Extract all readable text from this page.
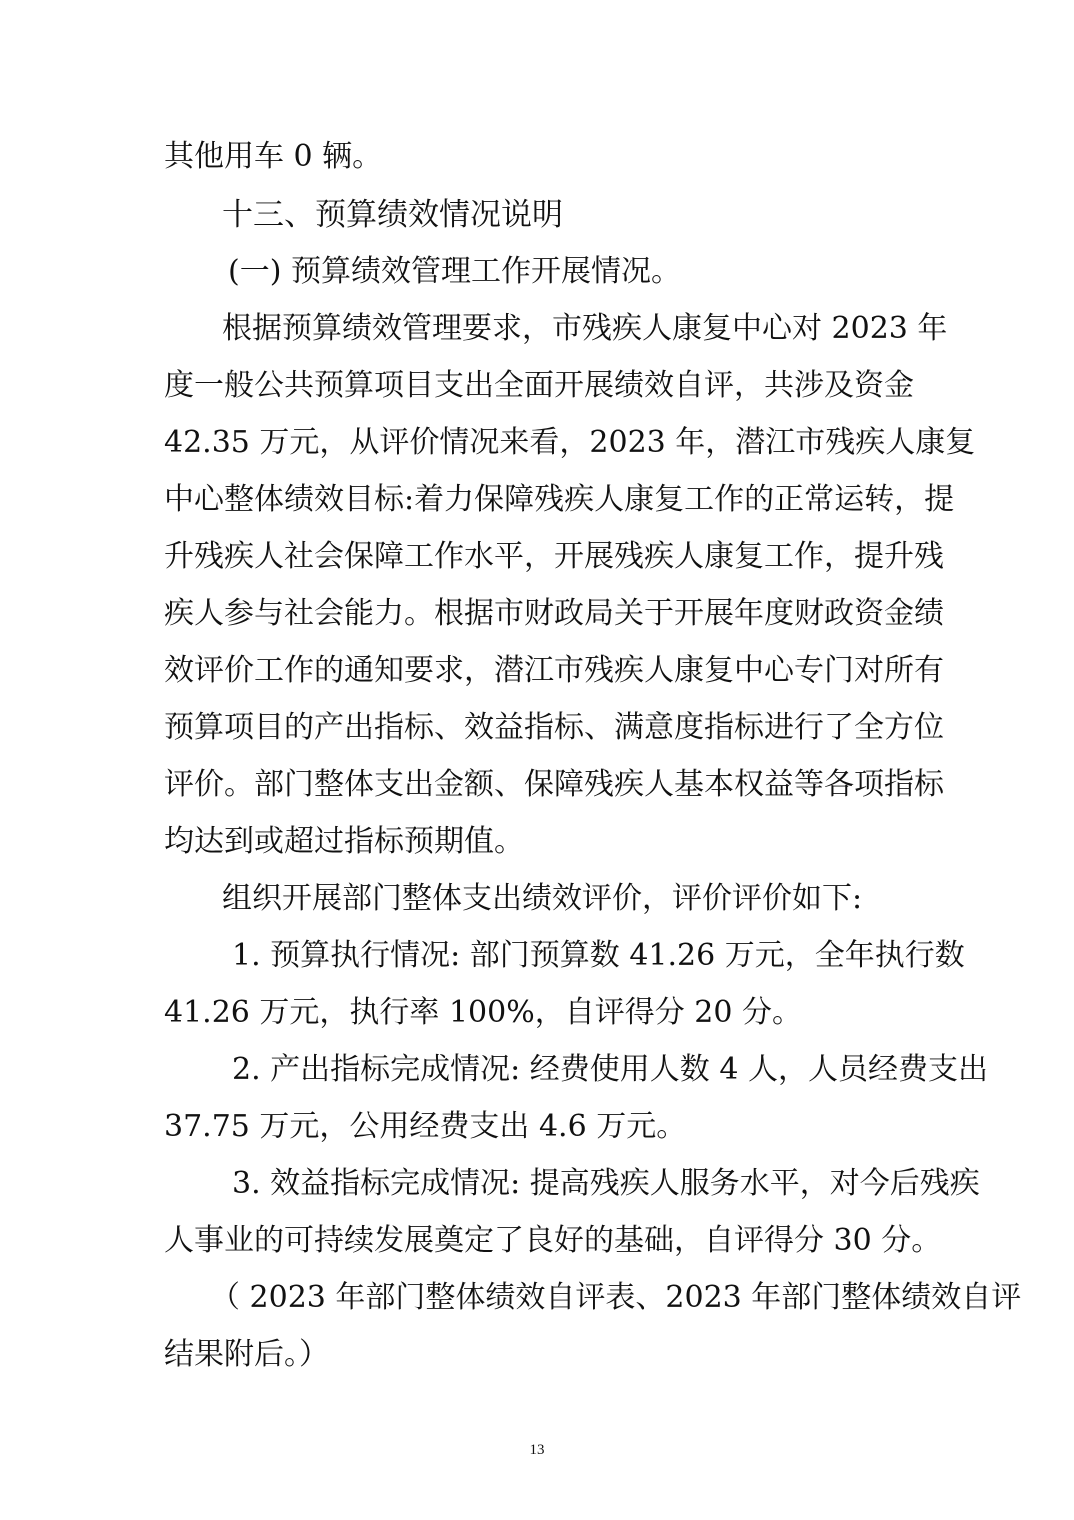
其他用车 0 辆。
十三、预算绩效情况说明
(一) 预算绩效管理工作开展情况。
根据预算绩效管理要求，市残疾人康复中心对 2023 年
度一般公共预算项目支出全面开展绩效自评，共涉及资金
42.35 万元，从评价情况来看，2023 年，潜江市残疾人康复
中心整体绩效目标:着力保障残疾人康复工作的正常运转，提
升残疾人社会保障工作水平，开展残疾人康复工作，提升残
疾人参与社会能力。根据市财政局关于开展年度财政资金绩
效评价工作的通知要求，潜江市残疾人康复中心专门对所有
预算项目的产出指标、效益指标、满意度指标进行了全方位
评价。部门整体支出金额、保障残疾人基本权益等各项指标
均达到或超过指标预期值。
组织开展部门整体支出绩效评价，评价评价如下:
1. 预算执行情况: 部门预算数 41.26 万元，全年执行数
41.26 万元，执行率 100%，自评得分 20 分。
2. 产出指标完成情况: 经费使用人数 4 人，人员经费支出
37.75 万元，公用经费支出 4.6 万元。
3. 效益指标完成情况: 提高残疾人服务水平，对今后残疾
人事业的可持续发展奠定了良好的基础，自评得分 30 分。
（ 2023 年部门整体绩效自评表、2023 年部门整体绩效自评
结果附后。）
13
